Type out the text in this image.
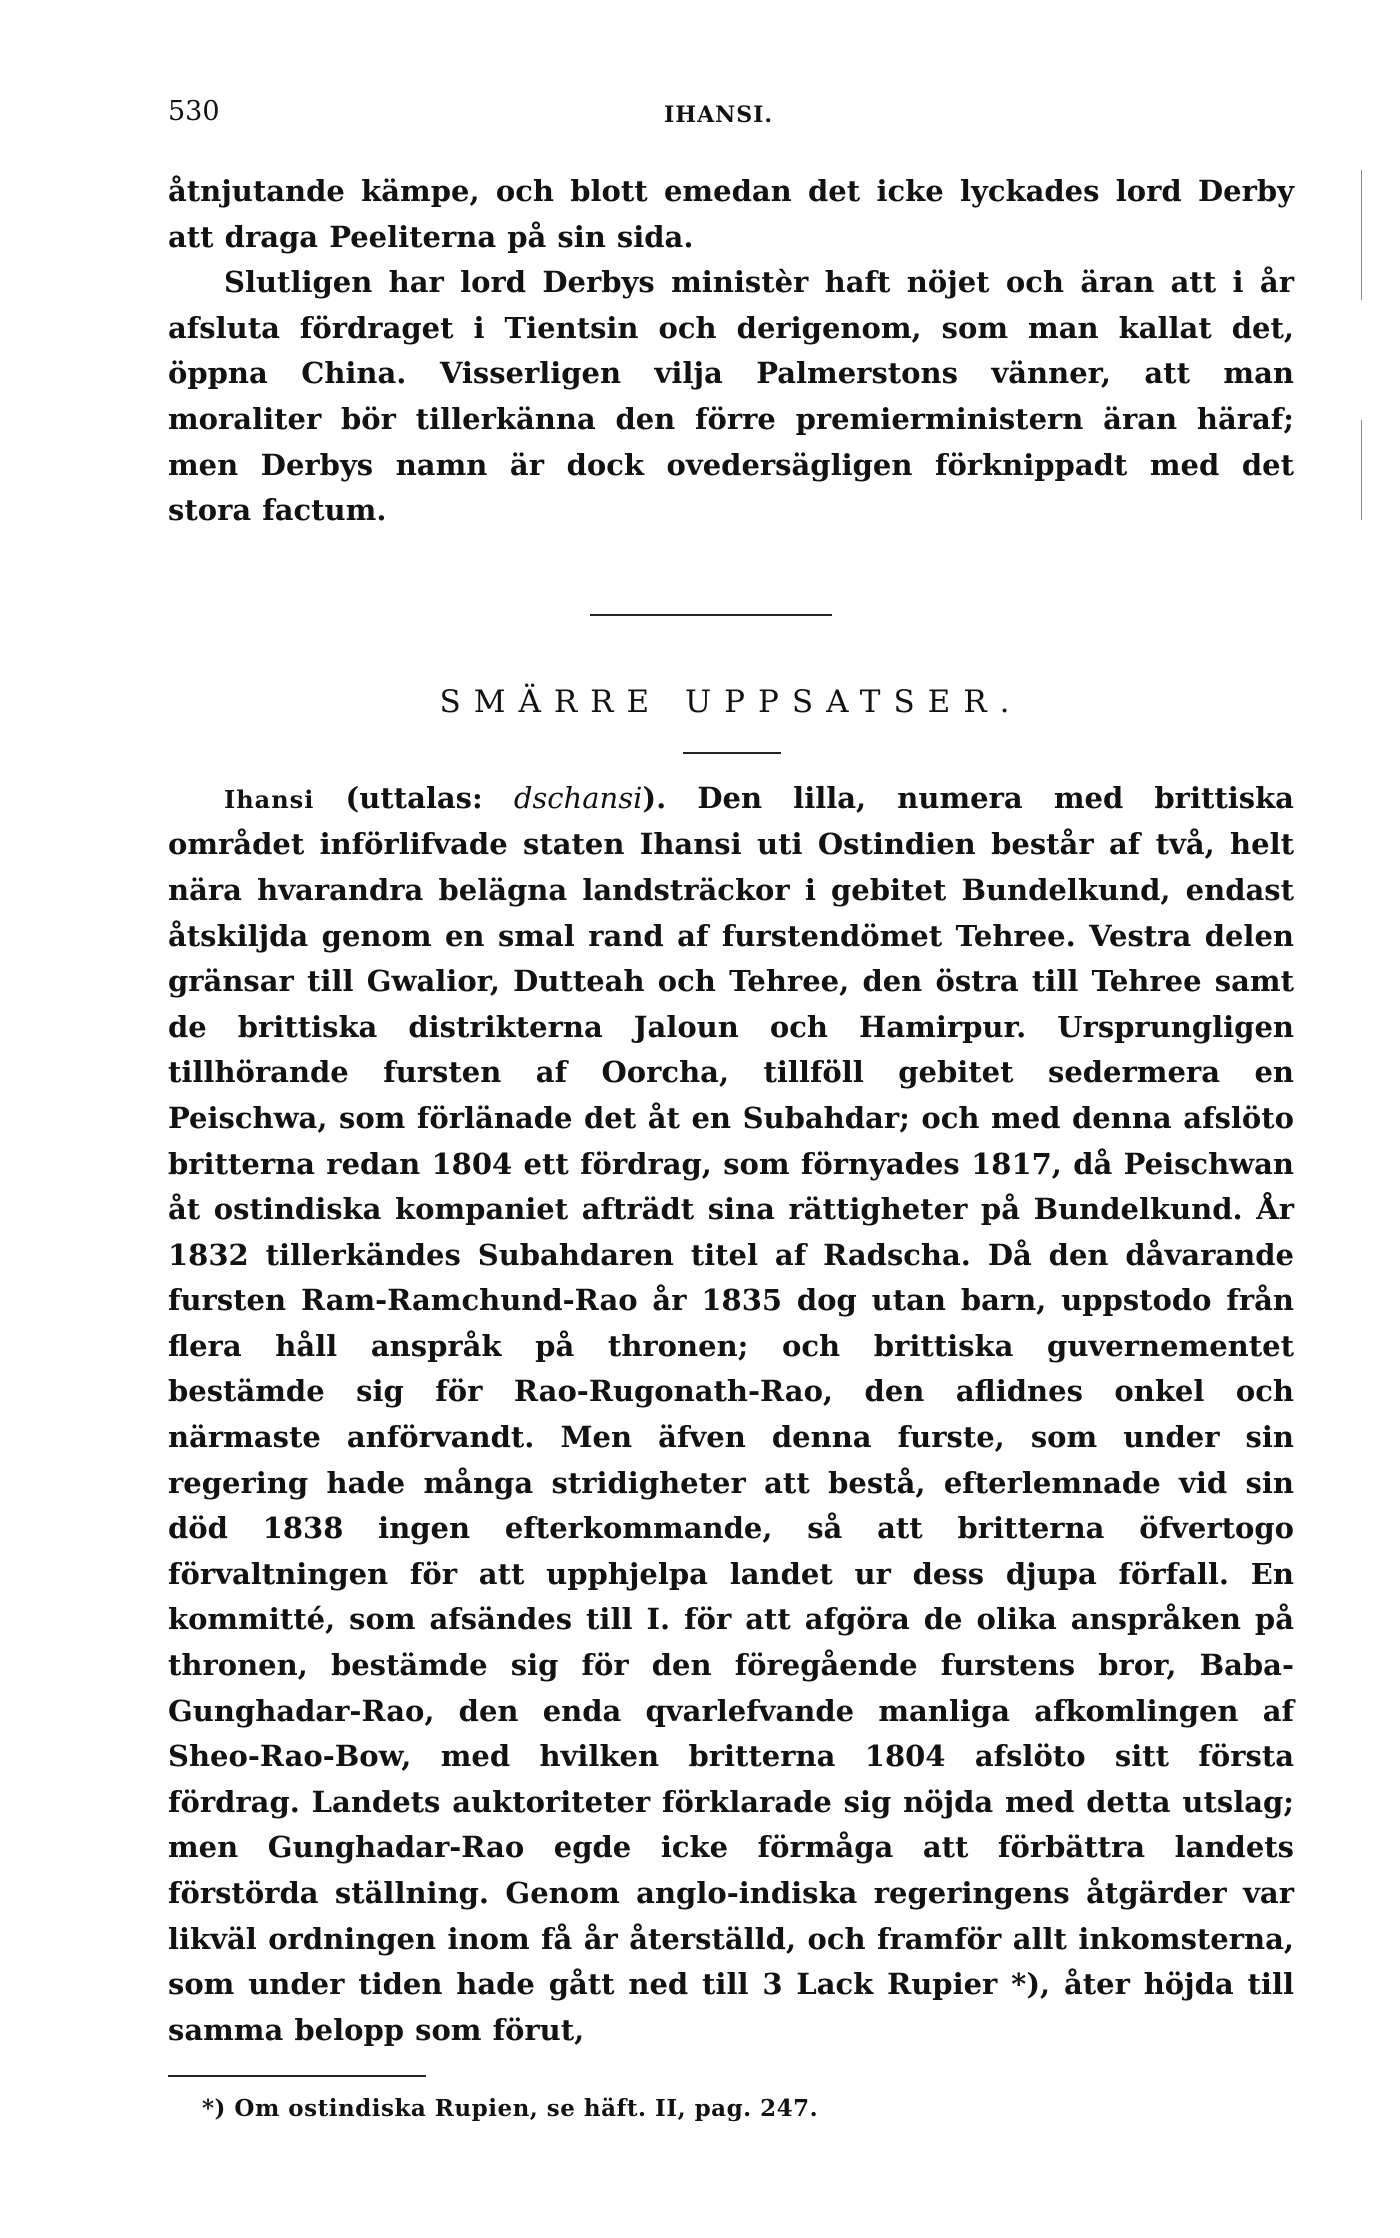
530	IHANSI.

åtnjutande kämpe, och blott emedan det icke lyckades lord Derby att draga Peeliterna på sin sida.

Slutligen har lord Derbys ministèr haft nöjet och äran att i år afsluta fördraget i Tientsin och derigenom, som man kallat det, öppna China. Visserligen vilja Palmerstons vänner, att man moraliter bör tillerkänna den förre premierministern äran häraf; men Derbys namn är dock ovedersägligen förknippadt med det stora factum.

SMÄRRE UPPSATSER.

Ihansi (uttalas: dschansi). Den lilla, numera med brittiska området införlifvade staten Ihansi uti Ostindien består af två, helt nära hvarandra belägna landsträckor i gebitet Bundelkund, endast åtskiljda genom en smal rand af furstendömet Tehree. Vestra delen gränsar till Gwalior, Dutteah och Tehree, den östra till Tehree samt de brittiska distrikterna Jaloun och Hamirpur. Ursprungligen tillhörande fursten af Oorcha, tillföll gebitet sedermera en Peischwa, som förlänade det åt en Subahdar; och med denna afslöto britterna redan 1804 ett fördrag, som förnyades 1817, då Peischwan åt ostindiska kompaniet afträdt sina rättigheter på Bundelkund. År 1832 tillerkändes Subahdaren titel af Radscha. Då den dåvarande fursten Ram-Ramchund-Rao år 1835 dog utan barn, uppstodo från flera håll anspråk på thronen; och brittiska guvernementet bestämde sig för Rao-Rugonath-Rao, den aflidnes onkel och närmaste anförvandt. Men äfven denna furste, som under sin regering hade många stridigheter att bestå, efterlemnade vid sin död 1838 ingen efterkommande, så att britterna öfvertogo förvaltningen för att upphjelpa landet ur dess djupa förfall. En kommitté, som afsändes till I. för att afgöra de olika anspråken på thronen, bestämde sig för den föregående furstens bror, Baba-Gunghadar-Rao, den enda qvarlefvande manliga afkomlingen af Sheo-Rao-Bow, med hvilken britterna 1804 afslöto sitt första fördrag. Landets auktoriteter förklarade sig nöjda med detta utslag; men Gunghadar-Rao egde icke förmåga att förbättra landets förstörda ställning. Genom anglo-indiska regeringens åtgärder var likväl ordningen inom få år återställd, och framför allt inkomsterna, som under tiden hade gått ned till 3 Lack Rupier *), åter höjda till samma belopp som förut,

*) Om ostindiska Rupien, se häft. II, pag. 247.
